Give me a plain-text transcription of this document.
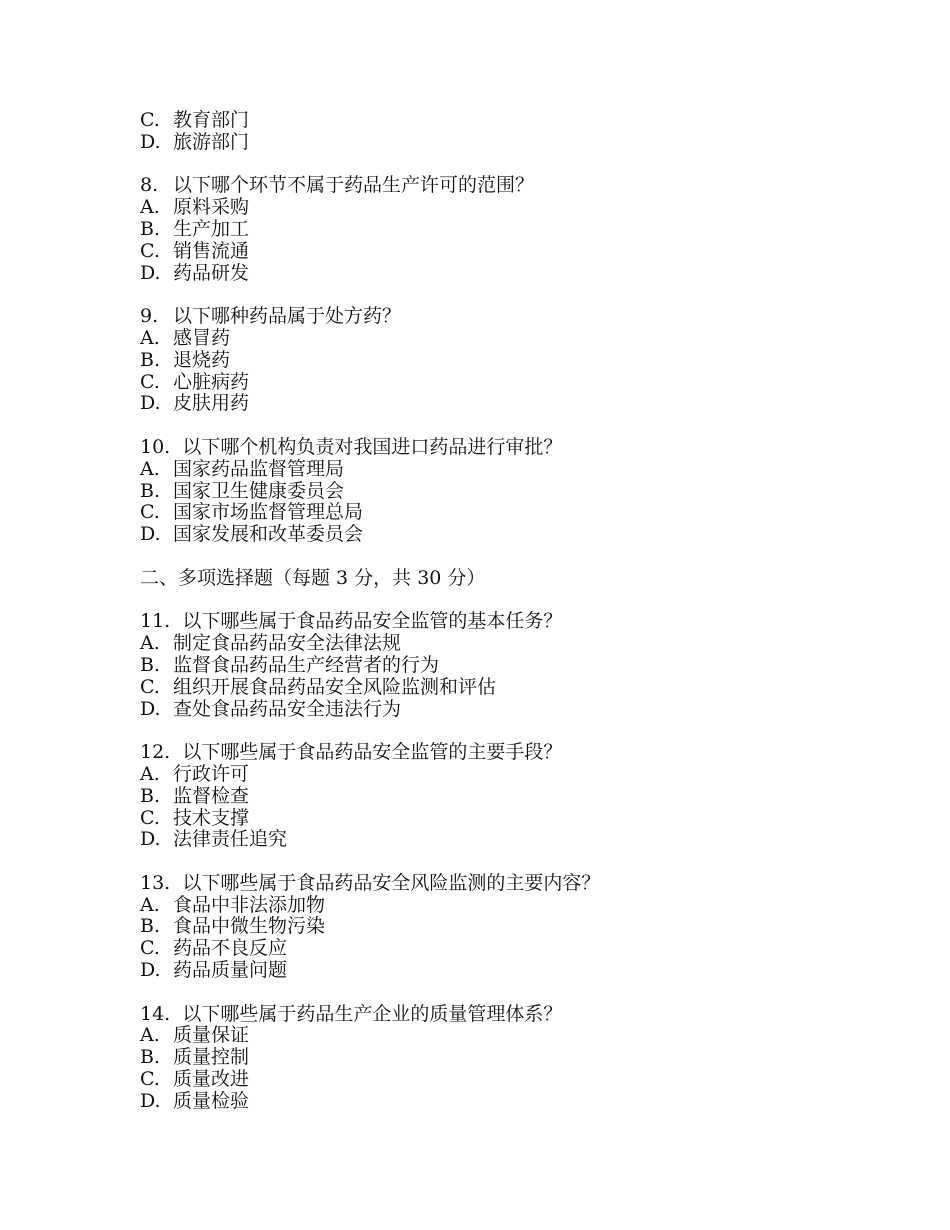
C. 教育部门
D. 旅游部门
8. 以下哪个环节不属于药品生产许可的范围？
A. 原料采购
B. 生产加工
C. 销售流通
D. 药品研发
9. 以下哪种药品属于处方药？
A. 感冒药
B. 退烧药
C. 心脏病药
D. 皮肤用药
10. 以下哪个机构负责对我国进口药品进行审批？
A. 国家药品监督管理局
B. 国家卫生健康委员会
C. 国家市场监督管理总局
D. 国家发展和改革委员会
二、多项选择题（每题 3 分，共 30 分）
11. 以下哪些属于食品药品安全监管的基本任务？
A. 制定食品药品安全法律法规
B. 监督食品药品生产经营者的行为
C. 组织开展食品药品安全风险监测和评估
D. 查处食品药品安全违法行为
12. 以下哪些属于食品药品安全监管的主要手段？
A. 行政许可
B. 监督检查
C. 技术支撑
D. 法律责任追究
13. 以下哪些属于食品药品安全风险监测的主要内容？
A. 食品中非法添加物
B. 食品中微生物污染
C. 药品不良反应
D. 药品质量问题
14. 以下哪些属于药品生产企业的质量管理体系？
A. 质量保证
B. 质量控制
C. 质量改进
D. 质量检验
